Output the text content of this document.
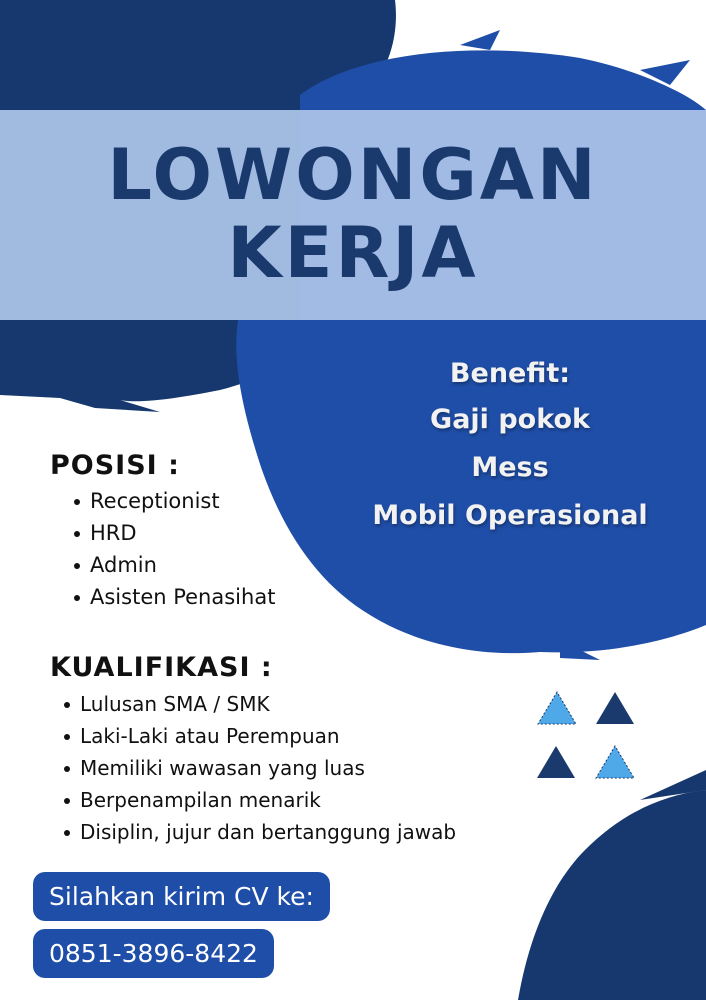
LOWONGAN
KERJA
Benefit:
Gaji pokok
Mess
Mobil Operasional
POSISI :
Receptionist
HRD
Admin
Asisten Penasihat
KUALIFIKASI :
Lulusan SMA / SMK
Laki-Laki atau Perempuan
Memiliki wawasan yang luas
Berpenampilan menarik
Disiplin, jujur dan bertanggung jawab
Silahkan kirim CV ke:
0851-3896-8422
